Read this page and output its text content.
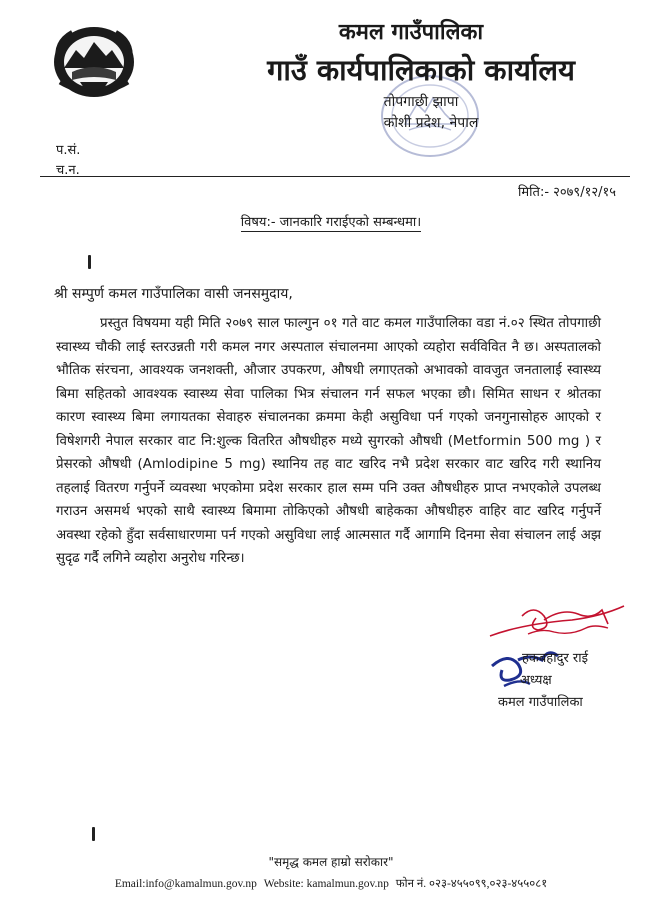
कमल गाउँपालिका
गाउँ कार्यपालिकाको कार्यालय
तोपगाछी झापा
कोशी प्रदेश, नेपाल
प.सं.
च.न.
मिति:- २०७९/१२/१५
विषय:- जानकारि गराईएको सम्बन्धमा।
श्री सम्पुर्ण कमल गाउँपालिका वासी जनसमुदाय,

प्रस्तुत विषयमा यही मिति २०७९ साल फाल्गुन ०१ गते वाट कमल गाउँपालिका वडा नं.०२ स्थित तोपगाछी स्वास्थ्य चौकी लाई स्तरउन्नती गरी कमल नगर अस्पताल संचालनमा आएको व्यहोरा सर्वविवित नै छ। अस्पतालको भौतिक संरचना, आवश्यक जनशक्ती, औजार उपकरण, औषधी लगाएतको अभावको वावजुत जनतालाई स्वास्थ्य बिमा सहितको आवश्यक स्वास्थ्य सेवा पालिका भित्र संचालन गर्न सफल भएका छौ। सिमित साधन र श्रोतका कारण स्वास्थ्य बिमा लगायतका सेवाहरु संचालनका क्रममा केही असुविधा पर्न गएको जनगुनासोहरु आएको र विषेशगरी नेपाल सरकार वाट नि:शुल्क वितरित औषधीहरु मध्ये सुगरको औषधी (Metformin 500 mg ) र प्रेसरको औषधी (Amlodipine 5 mg) स्थानिय तह वाट खरिद नभै प्रदेश सरकार वाट खरिद गरी स्थानिय तहलाई वितरण गर्नुपर्ने व्यवस्था भएकोमा प्रदेश सरकार हाल सम्म पनि उक्त औषधीहरु प्राप्त नभएकोले उपलब्ध गराउन असमर्थ भएको साथै स्वास्थ्य बिमामा तोकिएको औषधी बाहेकका औषधीहरु वाहिर वाट खरिद गर्नुपर्ने अवस्था रहेको हुँदा सर्वसाधारणमा पर्न गएको असुविधा लाई आत्मसात गर्दै आगामि दिनमा सेवा संचालन लाई अझ सुदृढ गर्दै लगिने व्यहोरा अनुरोध गरिन्छ।

हकबहादुर राई
अध्यक्ष
कमल गाउँपालिका
"समृद्ध कमल हाम्रो सरोकार"
Email:info@kamalmun.gov.np Website: kamalmun.gov.np फोन नं. ०२३-४५५०९९,०२३-४५५०८१
